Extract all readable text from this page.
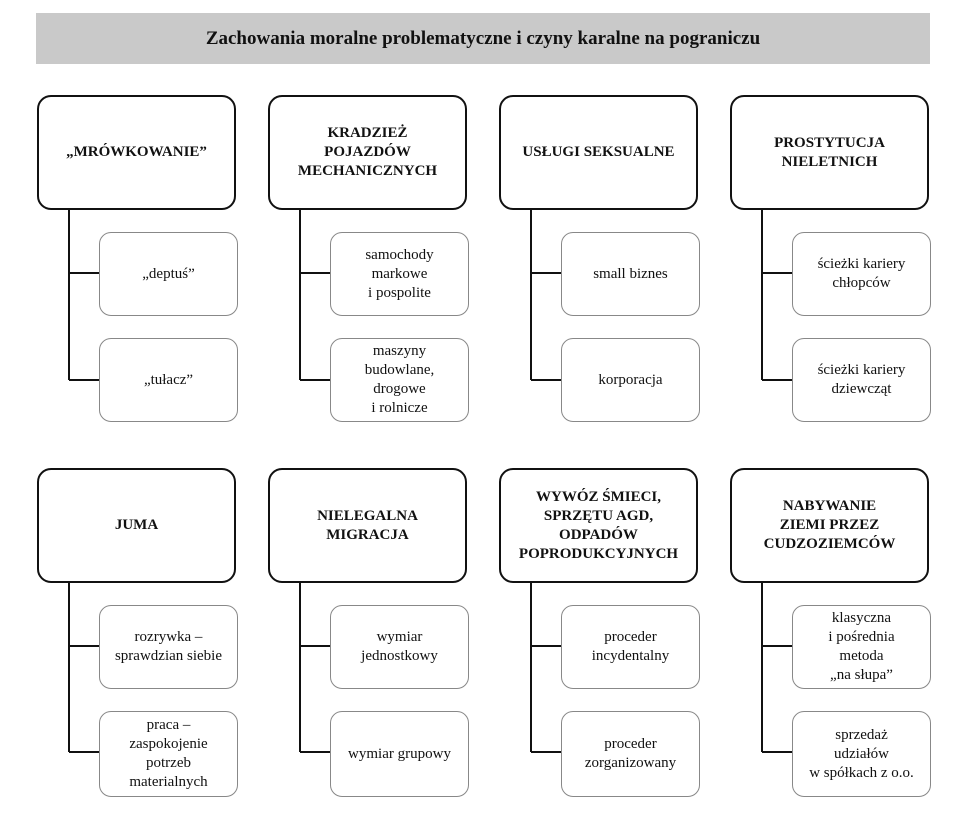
Zachowania moralne problematyczne i czyny karalne na pograniczu
„MRÓWKOWANIE”
KRADZIEŻ
POJAZDÓW
MECHANICZNYCH
USŁUGI SEKSUALNE
PROSTYTUCJA
NIELETNICH
„deptuś”
„tułacz”
samochody
markowe
i pospolite
maszyny
budowlane,
drogowe
i rolnicze
small biznes
korporacja
ścieżki kariery
chłopców
ścieżki kariery
dziewcząt
JUMA
NIELEGALNA
MIGRACJA
WYWÓZ ŚMIECI,
SPRZĘTU AGD,
ODPADÓW
POPRODUKCYJNYCH
NABYWANIE
ZIEMI PRZEZ
CUDZOZIEMCÓW
rozrywka –
sprawdzian siebie
praca –
zaspokojenie
potrzeb
materialnych
wymiar
jednostkowy
wymiar grupowy
proceder
incydentalny
proceder
zorganizowany
klasyczna
i pośrednia
metoda
„na słupa”
sprzedaż
udziałów
w spółkach z o.o.
